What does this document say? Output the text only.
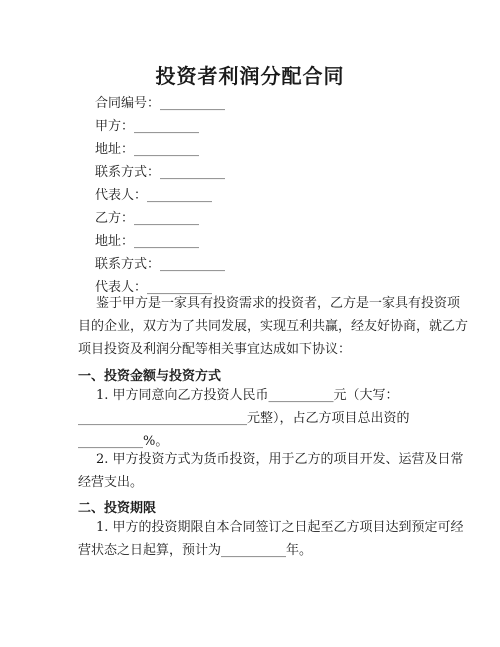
投资者利润分配合同
合同编号：__________
甲方：__________
地址：__________
联系方式：__________
代表人：__________
乙方：__________
地址：__________
联系方式：__________
代表人：__________
鉴于甲方是一家具有投资需求的投资者，乙方是一家具有投资项
目的企业，双方为了共同发展，实现互利共赢，经友好协商，就乙方
项目投资及利润分配等相关事宜达成如下协议：
一、投资金额与投资方式
1. 甲方同意向乙方投资人民币__________元（大写：
__________________________元整），占乙方项目总出资的
__________%。
2. 甲方投资方式为货币投资，用于乙方的项目开发、运营及日常
经营支出。
二、投资期限
1. 甲方的投资期限自本合同签订之日起至乙方项目达到预定可经
营状态之日起算，预计为__________年。
